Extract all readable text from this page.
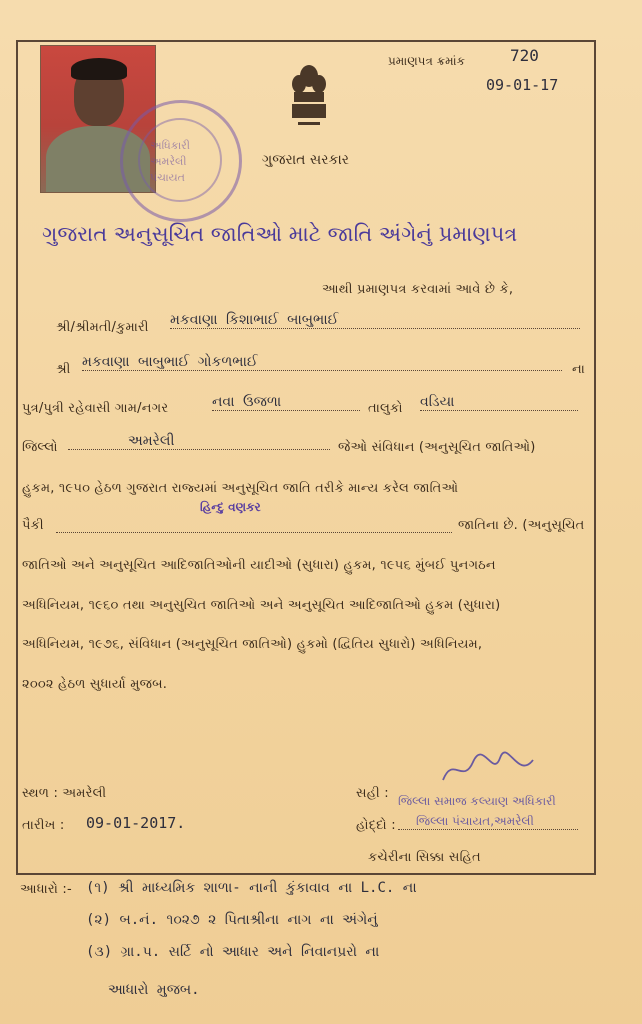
અધિકારી
અમરેલી
પંચાયત
પ્રમાણપત્ર ક્રમાંક	720
09-01-17
ગુજરાત સરકાર
ગુજરાત અનુસૂચિત જાતિઓ માટે જાતિ અંગેનું પ્રમાણપત્ર
આથી પ્રમાણપત્ર કરવામાં આવે છે કે,
શ્રી/શ્રીમતી/કુમારી મકવાણા કિશાભાઈ બાબુભાઈ
શ્રી મકવાણા બાબુભાઈ ગોકળભાઈ	ના
પુત્ર/પુત્રી રહેવાસી ગામ/નગર	નવા ઉજળા	તાલુકો વડિયા
જિલ્લો	અમરેલી	જેઓ સંવિધાન (અનુસૂચિત જાતિઓ)
હુકમ, ૧૯૫૦ હેઠળ ગુજરાત રાજ્યમાં અનુસૂચિત જાતિ તરીકે માન્ય કરેલ જાતિઓ
પૈકી
હિન્દુ વણકર
જાતિના છે. (અનુસૂચિત
જાતિઓ અને અનુસૂચિત આદિજાતિઓની યાદીઓ (સુધારા) હુકમ, ૧૯૫૬ મુંબઈ પુનગઠન
અધિનિયમ, ૧૯૬૦ તથા અનુસુચિત જાતિઓ અને અનુસૂચિત આદિજાતિઓ હુકમ (સુધારા)
અધિનિયમ, ૧૯૭૬, સંવિધાન (અનુસૂચિત જાતિઓ) હુકમો (દ્વિતિય સુધારો) અધિનિયમ,
૨૦૦૨ હેઠળ સુધાર્યા મુજબ.
સ્થળ : અમરેલી
તારીખ : 09-01-2017.
સહી : જિલ્લા સમાજ કલ્યાણ અધિકારી
હોદ્દો :	જિલ્લા પંચાયત,અમરેલી
કચેરીના સિક્કા સહિત
આધારો :- (૧) શ્રી માધ્યમિક શાળા- નાની કુંકાવાવ ના L.C. ના
(૨) બ.નં. ૧૦૨૭ ૨ પિતાશ્રીના નાગ ના અંગેનું
(૩) ગ્રા.પ. સર્ટિ નો આધાર અને નિવાનપ્રરો ના
આધારો મુજબ.
